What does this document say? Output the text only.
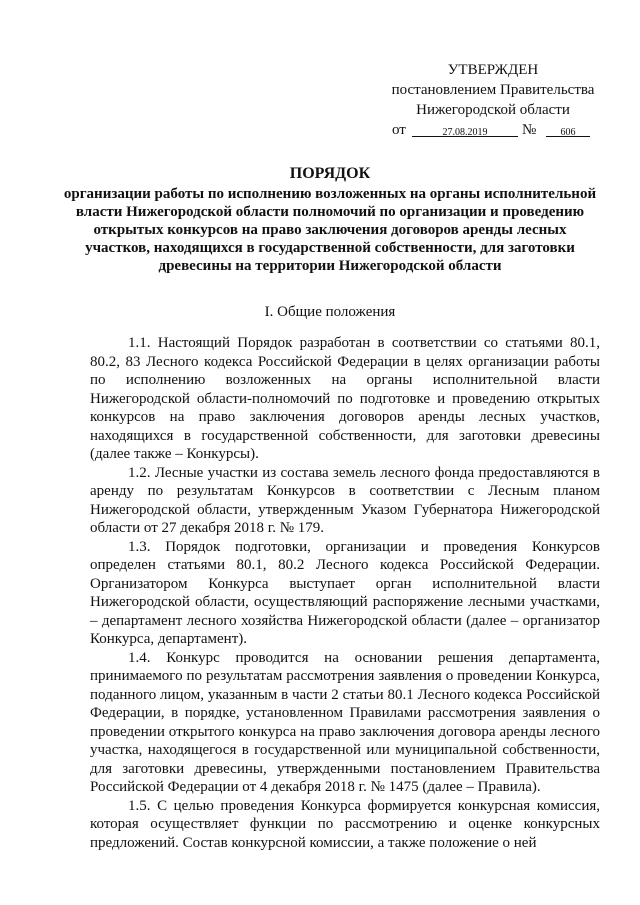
УТВЕРЖДЕН
постановлением Правительства
Нижегородской области
от	27.08.2019	№	606
ПОРЯДОК
организации работы по исполнению возложенных на органы исполнительной власти Нижегородской области полномочий по организации и проведению открытых конкурсов на право заключения договоров аренды лесных участков, находящихся в государственной собственности, для заготовки древесины на территории Нижегородской области
I. Общие положения

1.1. Настоящий Порядок разработан в соответствии со статьями 80.1, 80.2, 83 Лесного кодекса Российской Федерации в целях организации работы по исполнению возложенных на органы исполнительной власти Нижегородской области-полномочий по подготовке и проведению открытых конкурсов на право заключения договоров аренды лесных участков, находящихся в государственной собственности, для заготовки древесины (далее также – Конкурсы).

1.2. Лесные участки из состава земель лесного фонда предоставляются в аренду по результатам Конкурсов в соответствии с Лесным планом Нижегородской области, утвержденным Указом Губернатора Нижегородской области от 27 декабря 2018 г. № 179.

1.3. Порядок подготовки, организации и проведения Конкурсов определен статьями 80.1, 80.2 Лесного кодекса Российской Федерации. Организатором Конкурса выступает орган исполнительной власти Нижегородской области, осуществляющий распоряжение лесными участками, – департамент лесного хозяйства Нижегородской области (далее – организатор Конкурса, департамент).

1.4. Конкурс проводится на основании решения департамента, принимаемого по результатам рассмотрения заявления о проведении Конкурса, поданного лицом, указанным в части 2 статьи 80.1 Лесного кодекса Российской Федерации, в порядке, установленном Правилами рассмотрения заявления о проведении открытого конкурса на право заключения договора аренды лесного участка, находящегося в государственной или муниципальной собственности, для заготовки древесины, утвержденными постановлением Правительства Российской Федерации от 4 декабря 2018 г. № 1475 (далее – Правила).

1.5. С целью проведения Конкурса формируется конкурсная комиссия, которая осуществляет функции по рассмотрению и оценке конкурсных предложений. Состав конкурсной комиссии, а также положение о ней
